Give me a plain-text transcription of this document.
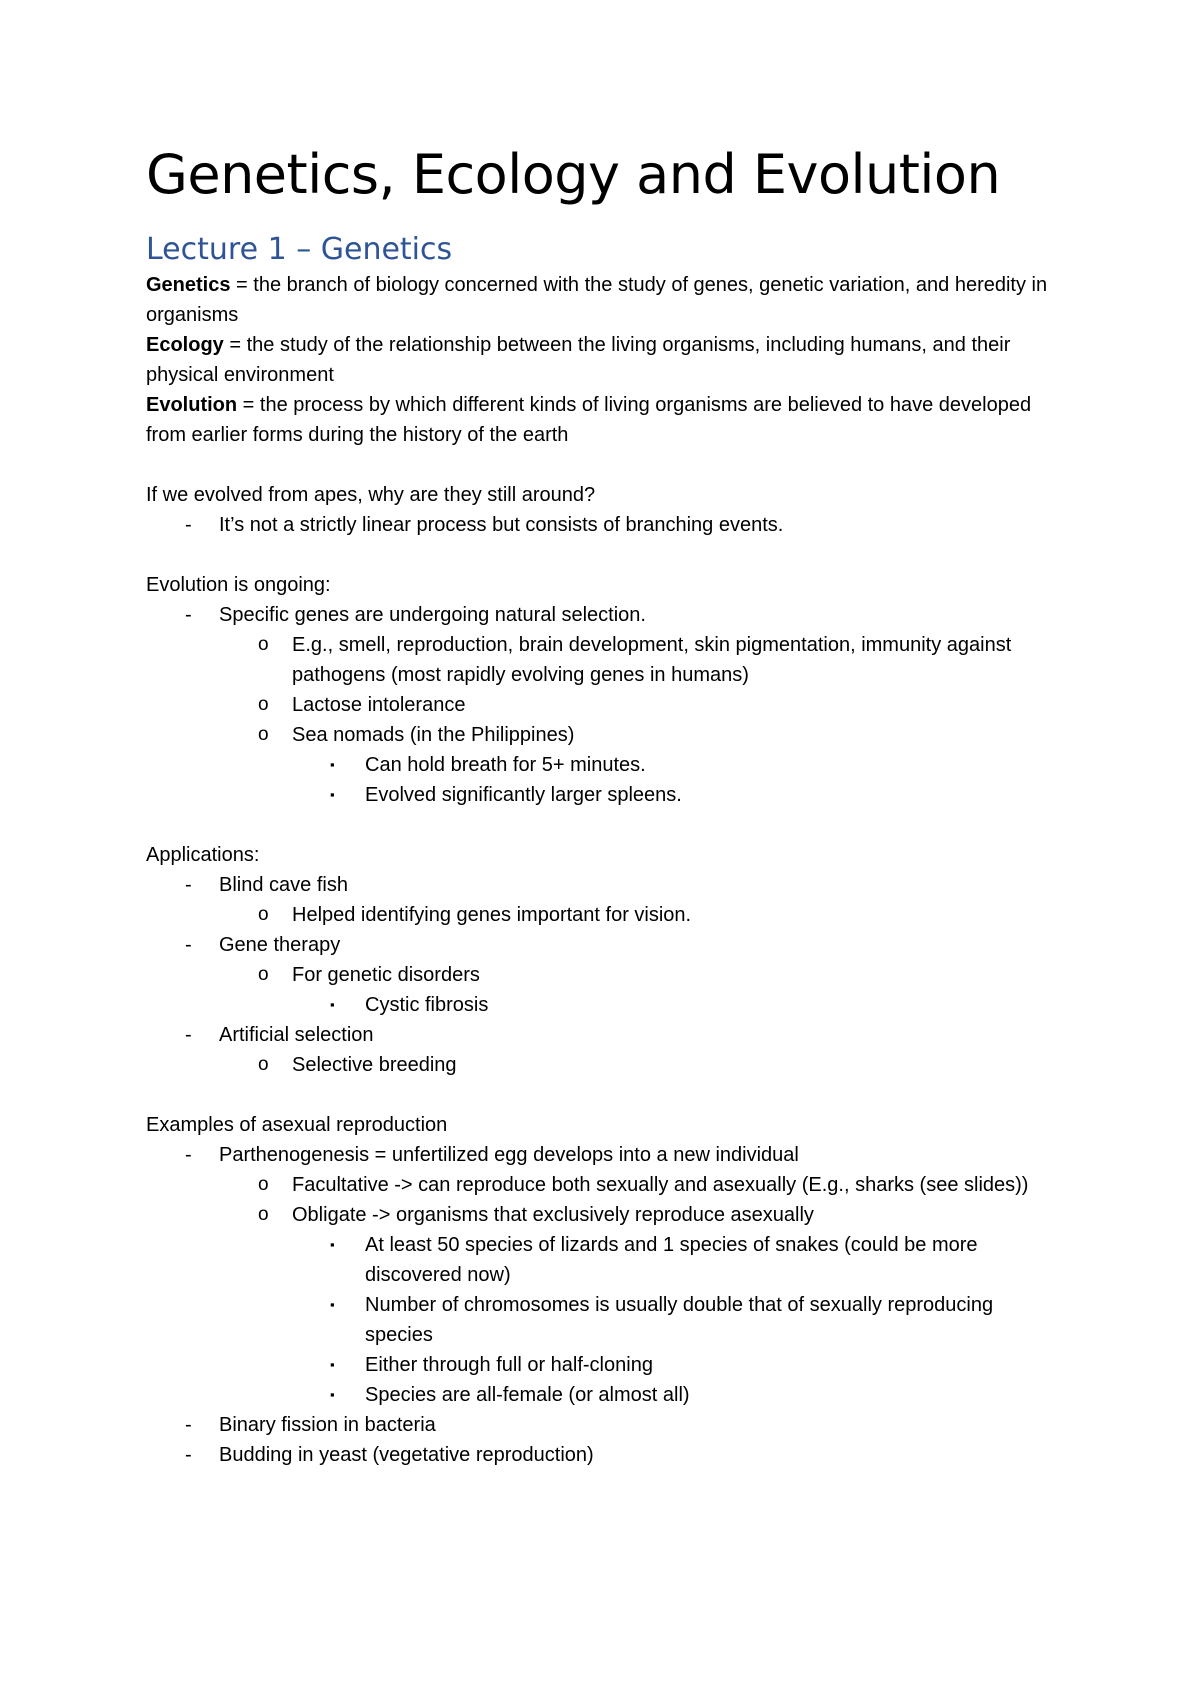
Genetics, Ecology and Evolution
Lecture 1 – Genetics

Genetics = the branch of biology concerned with the study of genes, genetic variation, and heredity in organisms

Ecology = the study of the relationship between the living organisms, including humans, and their physical environment

Evolution = the process by which different kinds of living organisms are believed to have developed from earlier forms during the history of the earth

If we evolved from apes, why are they still around?

- It’s not a strictly linear process but consists of branching events.

Evolution is ongoing:

- Specific genes are undergoing natural selection.
o E.g., smell, reproduction, brain development, skin pigmentation, immunity against pathogens (most rapidly evolving genes in humans)
o Lactose intolerance
o Sea nomads (in the Philippines)
▪ Can hold breath for 5+ minutes.
▪ Evolved significantly larger spleens.

Applications:

- Blind cave fish
o Helped identifying genes important for vision.
- Gene therapy
o For genetic disorders
▪ Cystic fibrosis
- Artificial selection
o Selective breeding

Examples of asexual reproduction

- Parthenogenesis = unfertilized egg develops into a new individual
o Facultative -> can reproduce both sexually and asexually (E.g., sharks (see slides))
o Obligate -> organisms that exclusively reproduce asexually
▪ At least 50 species of lizards and 1 species of snakes (could be more discovered now)
▪ Number of chromosomes is usually double that of sexually reproducing species
▪ Either through full or half-cloning
▪ Species are all-female (or almost all)
- Binary fission in bacteria
- Budding in yeast (vegetative reproduction)
